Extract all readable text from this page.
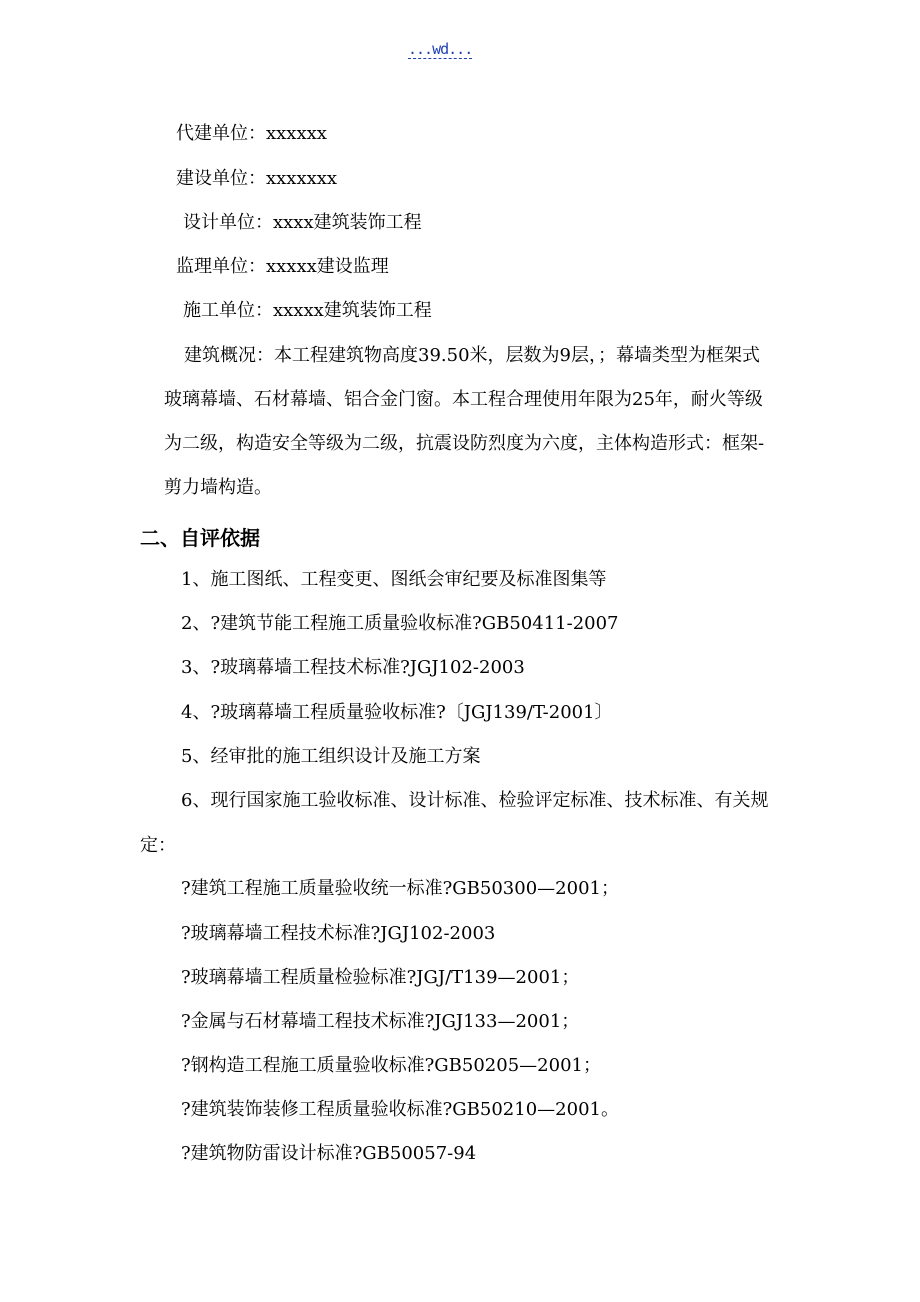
...wd...
代建单位：xxxxxx
建设单位：xxxxxxx
设计单位：xxxx建筑装饰工程
监理单位：xxxxx建设监理
施工单位：xxxxx建筑装饰工程
建筑概况：本工程建筑物高度39.50米，层数为9层，；幕墙类型为框架式
玻璃幕墙、石材幕墙、铝合金门窗。本工程合理使用年限为25年，耐火等级
为二级，构造安全等级为二级，抗震设防烈度为六度，主体构造形式：框架-
剪力墙构造。
二、自评依据
1、施工图纸、工程变更、图纸会审纪要及标准图集等
2、?建筑节能工程施工质量验收标准?GB50411-2007
3、?玻璃幕墙工程技术标准?JGJ102-2003
4、?玻璃幕墙工程质量验收标准?〔JGJ139/T-2001〕
5、经审批的施工组织设计及施工方案
6、现行国家施工验收标准、设计标准、检验评定标准、技术标准、有关规
定：
?建筑工程施工质量验收统一标准?GB50300—2001；
?玻璃幕墙工程技术标准?JGJ102-2003
?玻璃幕墙工程质量检验标准?JGJ/T139—2001；
?金属与石材幕墙工程技术标准?JGJ133—2001；
?钢构造工程施工质量验收标准?GB50205—2001；
?建筑装饰装修工程质量验收标准?GB50210—2001。
?建筑物防雷设计标准?GB50057-94
